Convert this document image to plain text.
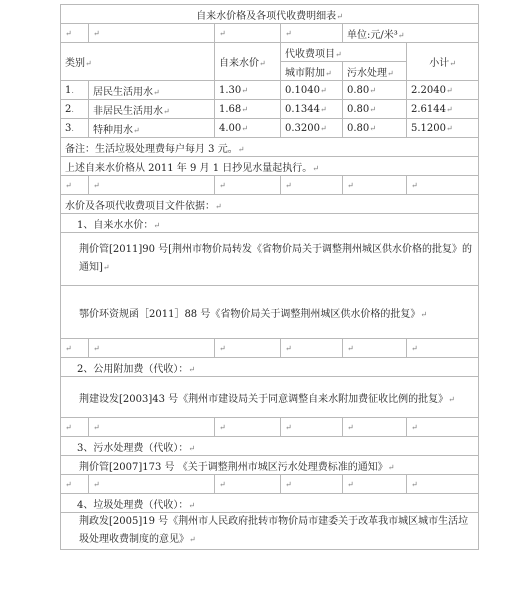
自来水价格及各项代收费明细表↵					
↵	↵	↵	↵	单位:元/米³↵	
类别↵		自来水价↵	代收费项目↵		小计↵
			城市附加↵	污水处理↵	
1.	居民生活用水↵	1.30↵	0.1040↵	0.80↵	2.2040↵
2.	非居民生活用水↵	1.68↵	0.1344↵	0.80↵	2.6144↵
3.	特种用水↵	4.00↵	0.3200↵	0.80↵	5.1200↵
备注：生活垃圾处理费每户每月 3 元。↵					
上述自来水价格从 2011 年 9 月 1 日抄见水量起执行。↵					
↵	↵	↵	↵	↵	↵
水价及各项代收费项目文件依据：↵					
1、自来水水价：↵					
荆价管[2011]90 号[荆州市物价局转发《省物价局关于调整荆州城区供水价格的批复》的通知]↵					
鄂价环资规函［2011］88 号《省物价局关于调整荆州城区供水价格的批复》↵					
↵	↵	↵	↵	↵	↵
2、公用附加费（代收）：↵					
荆建设发[2003]43 号《荆州市建设局关于同意调整自来水附加费征收比例的批复》↵					
↵	↵	↵	↵	↵	↵
3、污水处理费（代收）：↵					
荆价管[2007]173 号 《关于调整荆州市城区污水处理费标准的通知》↵					
↵	↵	↵	↵	↵	↵
4、垃圾处理费（代收）：↵					
荆政发[2005]19 号《荆州市人民政府批转市物价局市建委关于改革我市城区城市生活垃圾处理收费制度的意见》↵					
